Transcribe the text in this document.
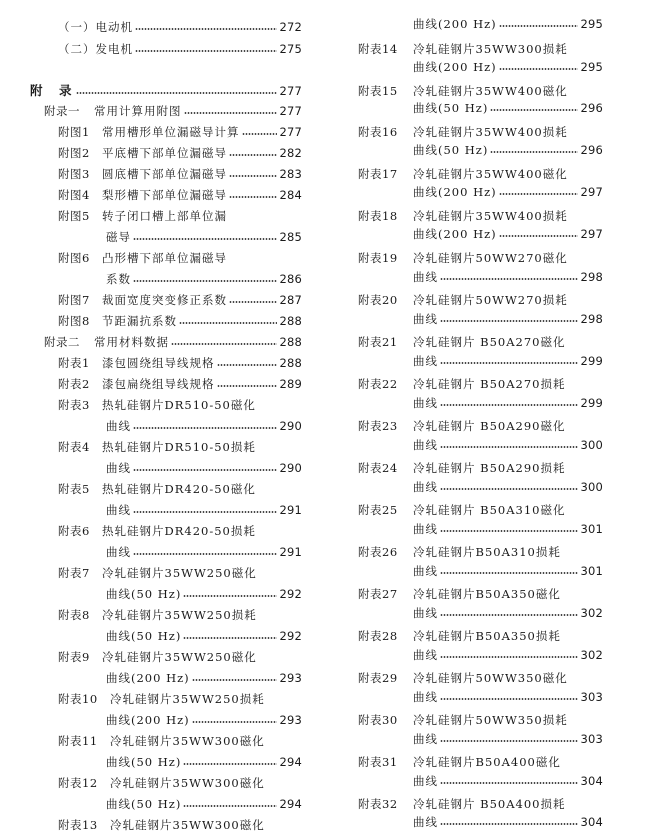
（一）电动机	272
（二）发电机	275
附　录	277
附录一	常用计算用附图	277
附图1	常用槽形单位漏磁导计算	277
附图2	平底槽下部单位漏磁导	282
附图3	圆底槽下部单位漏磁导	283
附图4	梨形槽下部单位漏磁导	284
附图5	转子闭口槽上部单位漏
磁导	285
附图6	凸形槽下部单位漏磁导
系数	286
附图7	裁面宽度突变修正系数	287
附图8	节距漏抗系数	288
附录二	常用材料数据	288
附表1	漆包圆绕组导线规格	288
附表2	漆包扁绕组导线规格	289
附表3	热轧硅钢片DR510-50磁化
曲线	290
附表4	热轧硅钢片DR510-50损耗
曲线	290
附表5	热轧硅钢片DR420-50磁化
曲线	291
附表6	热轧硅钢片DR420-50损耗
曲线	291
附表7	冷轧硅钢片35WW250磁化
曲线(50 Hz)	292
附表8	冷轧硅钢片35WW250损耗
曲线(50 Hz)	292
附表9	冷轧硅钢片35WW250磁化
曲线(200 Hz)	293
附表10	冷轧硅钢片35WW250损耗
曲线(200 Hz)	293
附表11	冷轧硅钢片35WW300磁化
曲线(50 Hz)	294
附表12	冷轧硅钢片35WW300磁化
曲线(50 Hz)	294
附表13	冷轧硅钢片35WW300磁化
曲线(200 Hz)	295
附表14	冷轧硅钢片35WW300损耗
曲线(200 Hz)	295
附表15	冷轧硅钢片35WW400磁化
曲线(50 Hz)	296
附表16	冷轧硅钢片35WW400损耗
曲线(50 Hz)	296
附表17	冷轧硅钢片35WW400磁化
曲线(200 Hz)	297
附表18	冷轧硅钢片35WW400损耗
曲线(200 Hz)	297
附表19	冷轧硅钢片50WW270磁化
曲线	298
附表20	冷轧硅钢片50WW270损耗
曲线	298
附表21	冷轧硅钢片 B50A270磁化
曲线	299
附表22	冷轧硅钢片 B50A270损耗
曲线	299
附表23	冷轧硅钢片 B50A290磁化
曲线	300
附表24	冷轧硅钢片 B50A290损耗
曲线	300
附表25	冷轧硅钢片 B50A310磁化
曲线	301
附表26	冷轧硅钢片B50A310损耗
曲线	301
附表27	冷轧硅钢片B50A350磁化
曲线	302
附表28	冷轧硅钢片B50A350损耗
曲线	302
附表29	冷轧硅钢片50WW350磁化
曲线	303
附表30	冷轧硅钢片50WW350损耗
曲线	303
附表31	冷轧硅钢片B50A400磁化
曲线	304
附表32	冷轧硅钢片 B50A400损耗
曲线	304
